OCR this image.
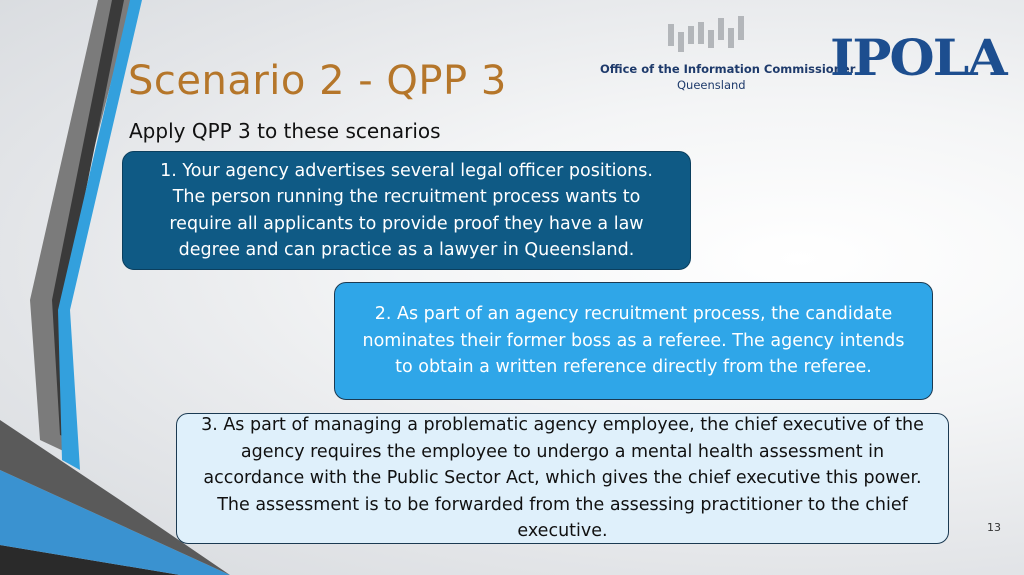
Scenario 2 - QPP 3
Apply QPP 3 to these scenarios
Office of the Information Commissioner
Queensland IPOLA
1. Your agency advertises several legal officer positions. The person running the recruitment process wants to require all applicants to provide proof they have a law degree and can practice as a lawyer in Queensland.
2. As part of an agency recruitment process, the candidate nominates their former boss as a referee. The agency intends to obtain a written reference directly from the referee.
3. As part of managing a problematic agency employee, the chief executive of the agency requires the employee to undergo a mental health assessment in accordance with the Public Sector Act, which gives the chief executive this power. The assessment is to be forwarded from the assessing practitioner to the chief executive.	13
